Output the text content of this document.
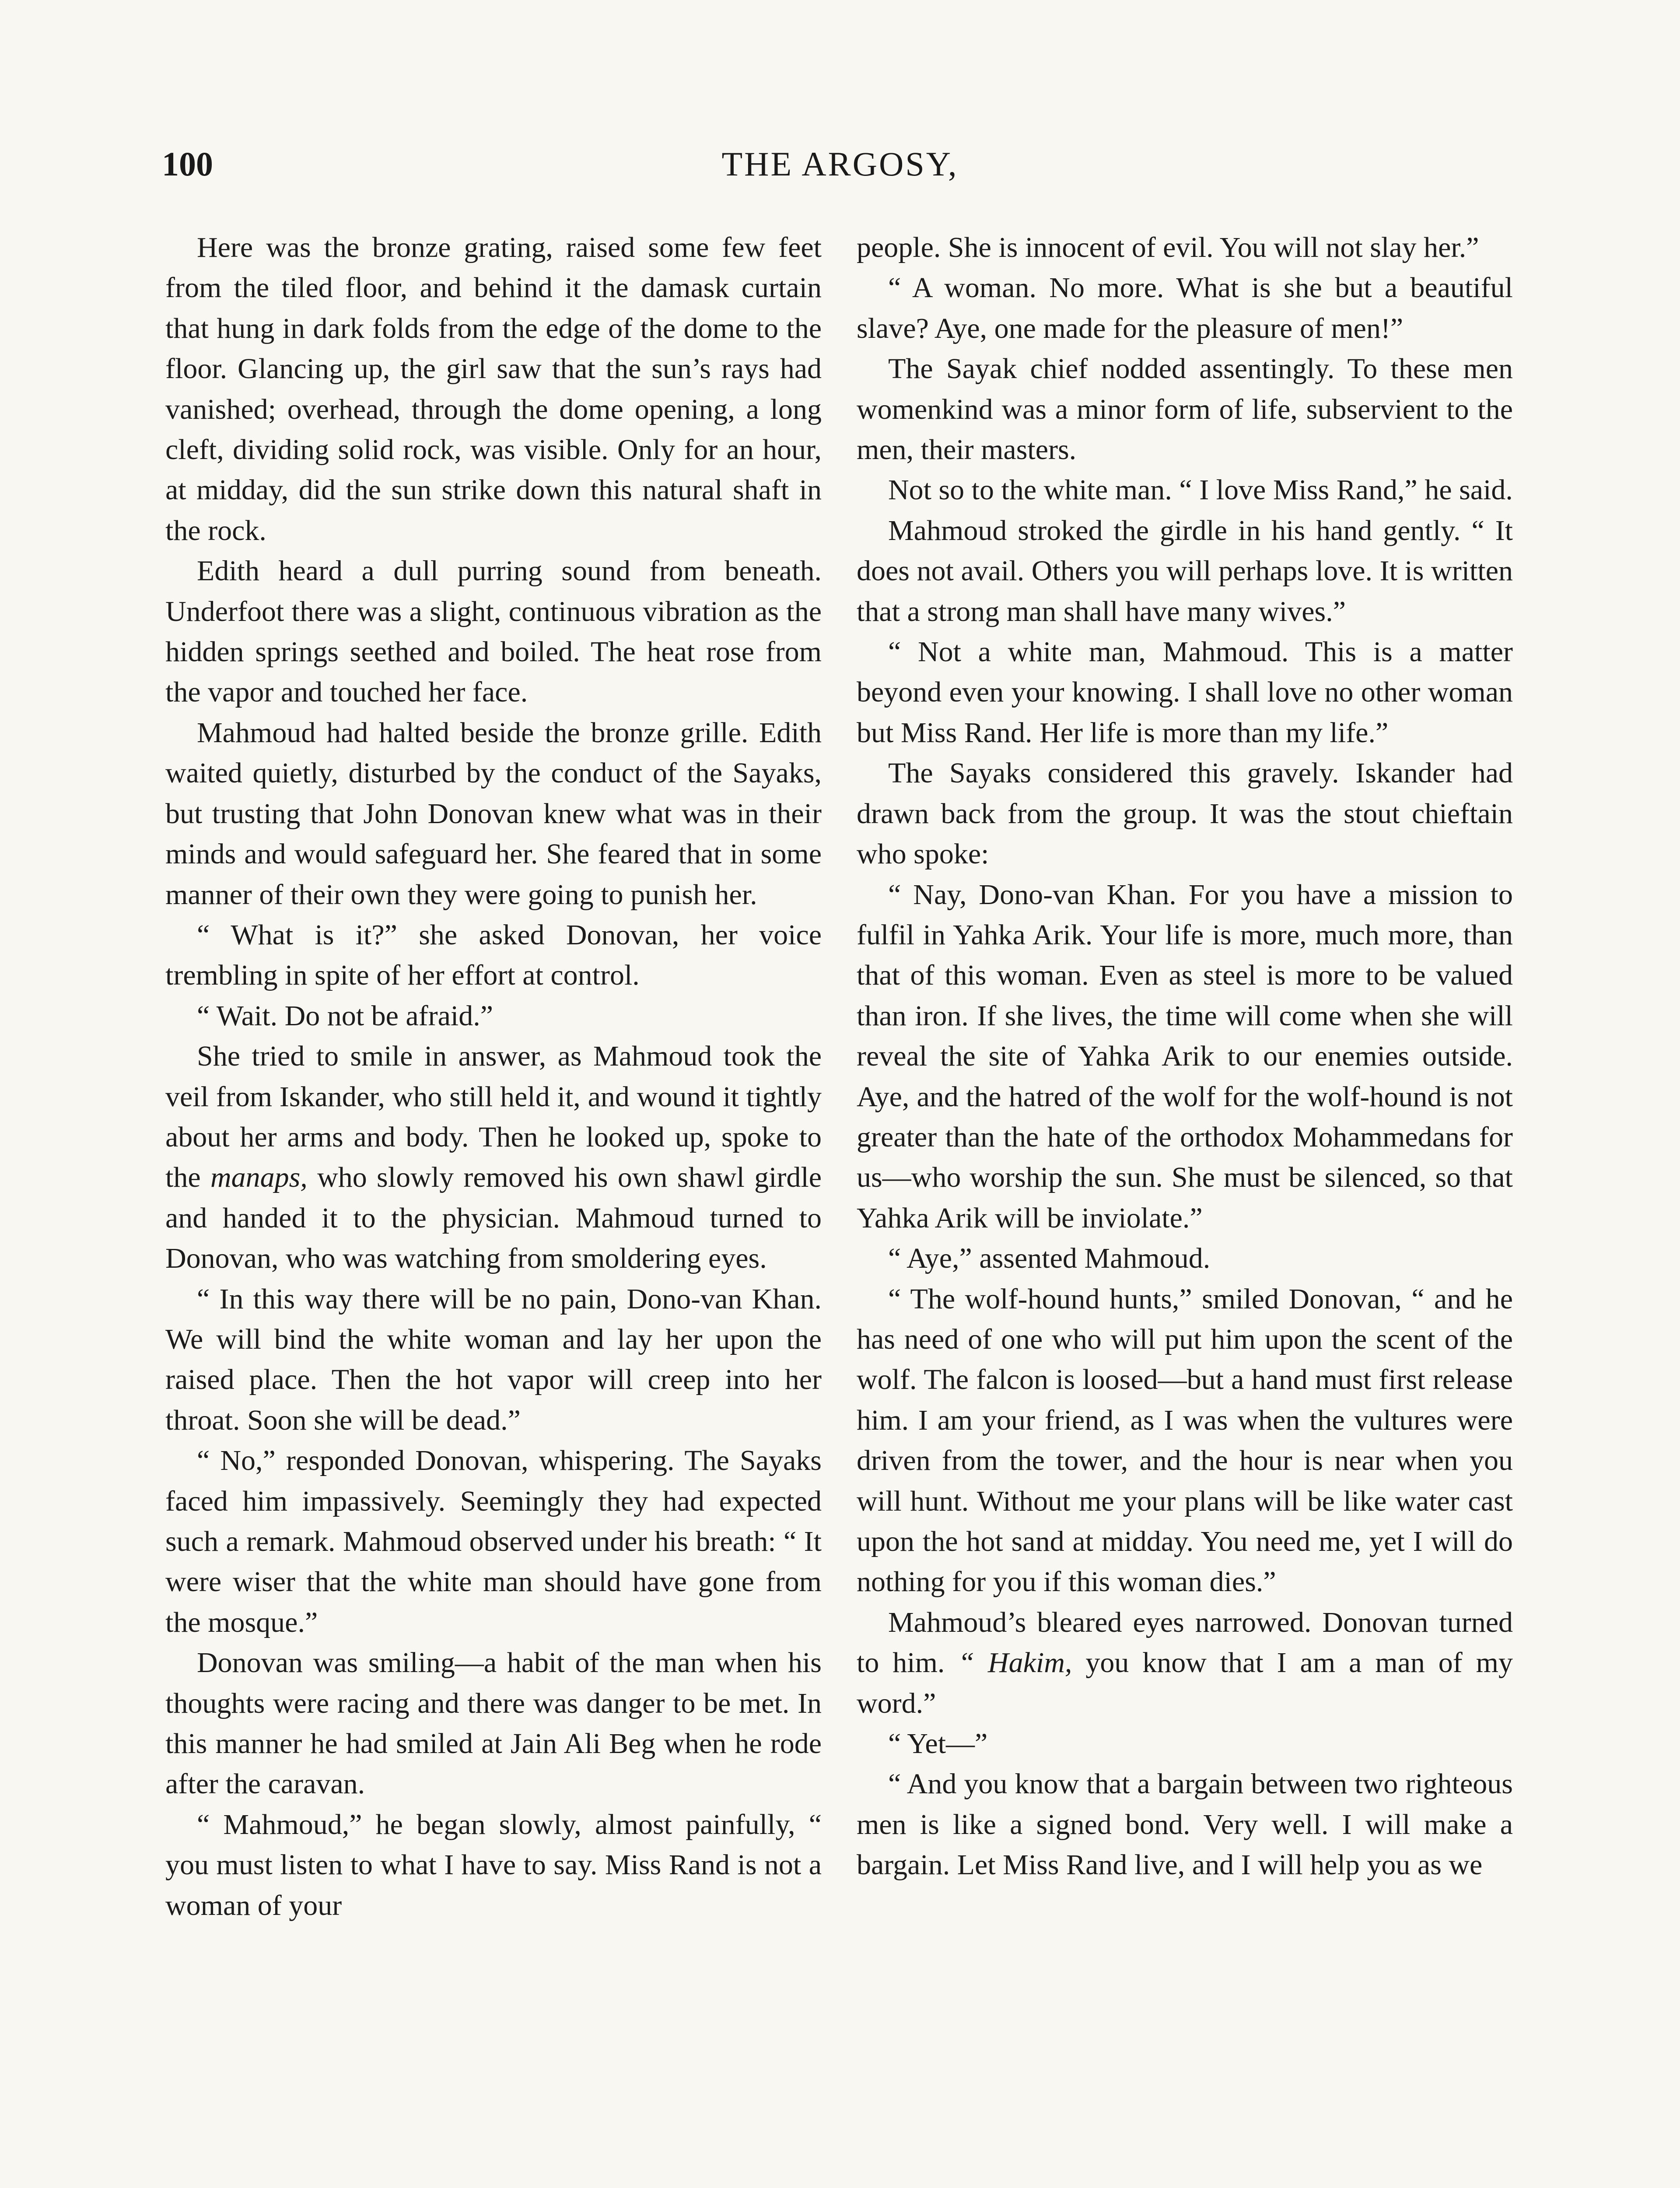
100	THE ARGOSY,

Here was the bronze grating, raised some few feet from the tiled floor, and behind it the damask curtain that hung in dark folds from the edge of the dome to the floor. Glancing up, the girl saw that the sun’s rays had vanished; overhead, through the dome opening, a long cleft, dividing solid rock, was visible. Only for an hour, at midday, did the sun strike down this natural shaft in the rock.

Edith heard a dull purring sound from beneath. Underfoot there was a slight, continuous vibration as the hidden springs seethed and boiled. The heat rose from the vapor and touched her face.

Mahmoud had halted beside the bronze grille. Edith waited quietly, disturbed by the conduct of the Sayaks, but trusting that John Donovan knew what was in their minds and would safeguard her. She feared that in some manner of their own they were going to punish her.

“ What is it?” she asked Donovan, her voice trembling in spite of her effort at control.

“ Wait. Do not be afraid.”

She tried to smile in answer, as Mahmoud took the veil from Iskander, who still held it, and wound it tightly about her arms and body. Then he looked up, spoke to the manaps, who slowly removed his own shawl girdle and handed it to the physician. Mahmoud turned to Donovan, who was watching from smoldering eyes.

“ In this way there will be no pain, Dono-van Khan. We will bind the white woman and lay her upon the raised place. Then the hot vapor will creep into her throat. Soon she will be dead.”

“ No,” responded Donovan, whispering. The Sayaks faced him impassively. Seemingly they had expected such a remark. Mahmoud observed under his breath: “ It were wiser that the white man should have gone from the mosque.”

Donovan was smiling—a habit of the man when his thoughts were racing and there was danger to be met. In this manner he had smiled at Jain Ali Beg when he rode after the caravan.

“ Mahmoud,” he began slowly, almost painfully, “ you must listen to what I have to say. Miss Rand is not a woman of your

people. She is innocent of evil. You will not slay her.”

“ A woman. No more. What is she but a beautiful slave? Aye, one made for the pleasure of men!”

The Sayak chief nodded assentingly. To these men womenkind was a minor form of life, subservient to the men, their masters.

Not so to the white man. “ I love Miss Rand,” he said.

Mahmoud stroked the girdle in his hand gently. “ It does not avail. Others you will perhaps love. It is written that a strong man shall have many wives.”

“ Not a white man, Mahmoud. This is a matter beyond even your knowing. I shall love no other woman but Miss Rand. Her life is more than my life.”

The Sayaks considered this gravely. Iskander had drawn back from the group. It was the stout chieftain who spoke:

“ Nay, Dono-van Khan. For you have a mission to fulfil in Yahka Arik. Your life is more, much more, than that of this woman. Even as steel is more to be valued than iron. If she lives, the time will come when she will reveal the site of Yahka Arik to our enemies outside. Aye, and the hatred of the wolf for the wolf-hound is not greater than the hate of the orthodox Mohammedans for us—who worship the sun. She must be silenced, so that Yahka Arik will be inviolate.”

“ Aye,” assented Mahmoud.

“ The wolf-hound hunts,” smiled Donovan, “ and he has need of one who will put him upon the scent of the wolf. The falcon is loosed—but a hand must first release him. I am your friend, as I was when the vultures were driven from the tower, and the hour is near when you will hunt. Without me your plans will be like water cast upon the hot sand at midday. You need me, yet I will do nothing for you if this woman dies.”

Mahmoud’s bleared eyes narrowed. Donovan turned to him. “ Hakim, you know that I am a man of my word.”

“ Yet—”

“ And you know that a bargain between two righteous men is like a signed bond. Very well. I will make a bargain. Let Miss Rand live, and I will help you as we
